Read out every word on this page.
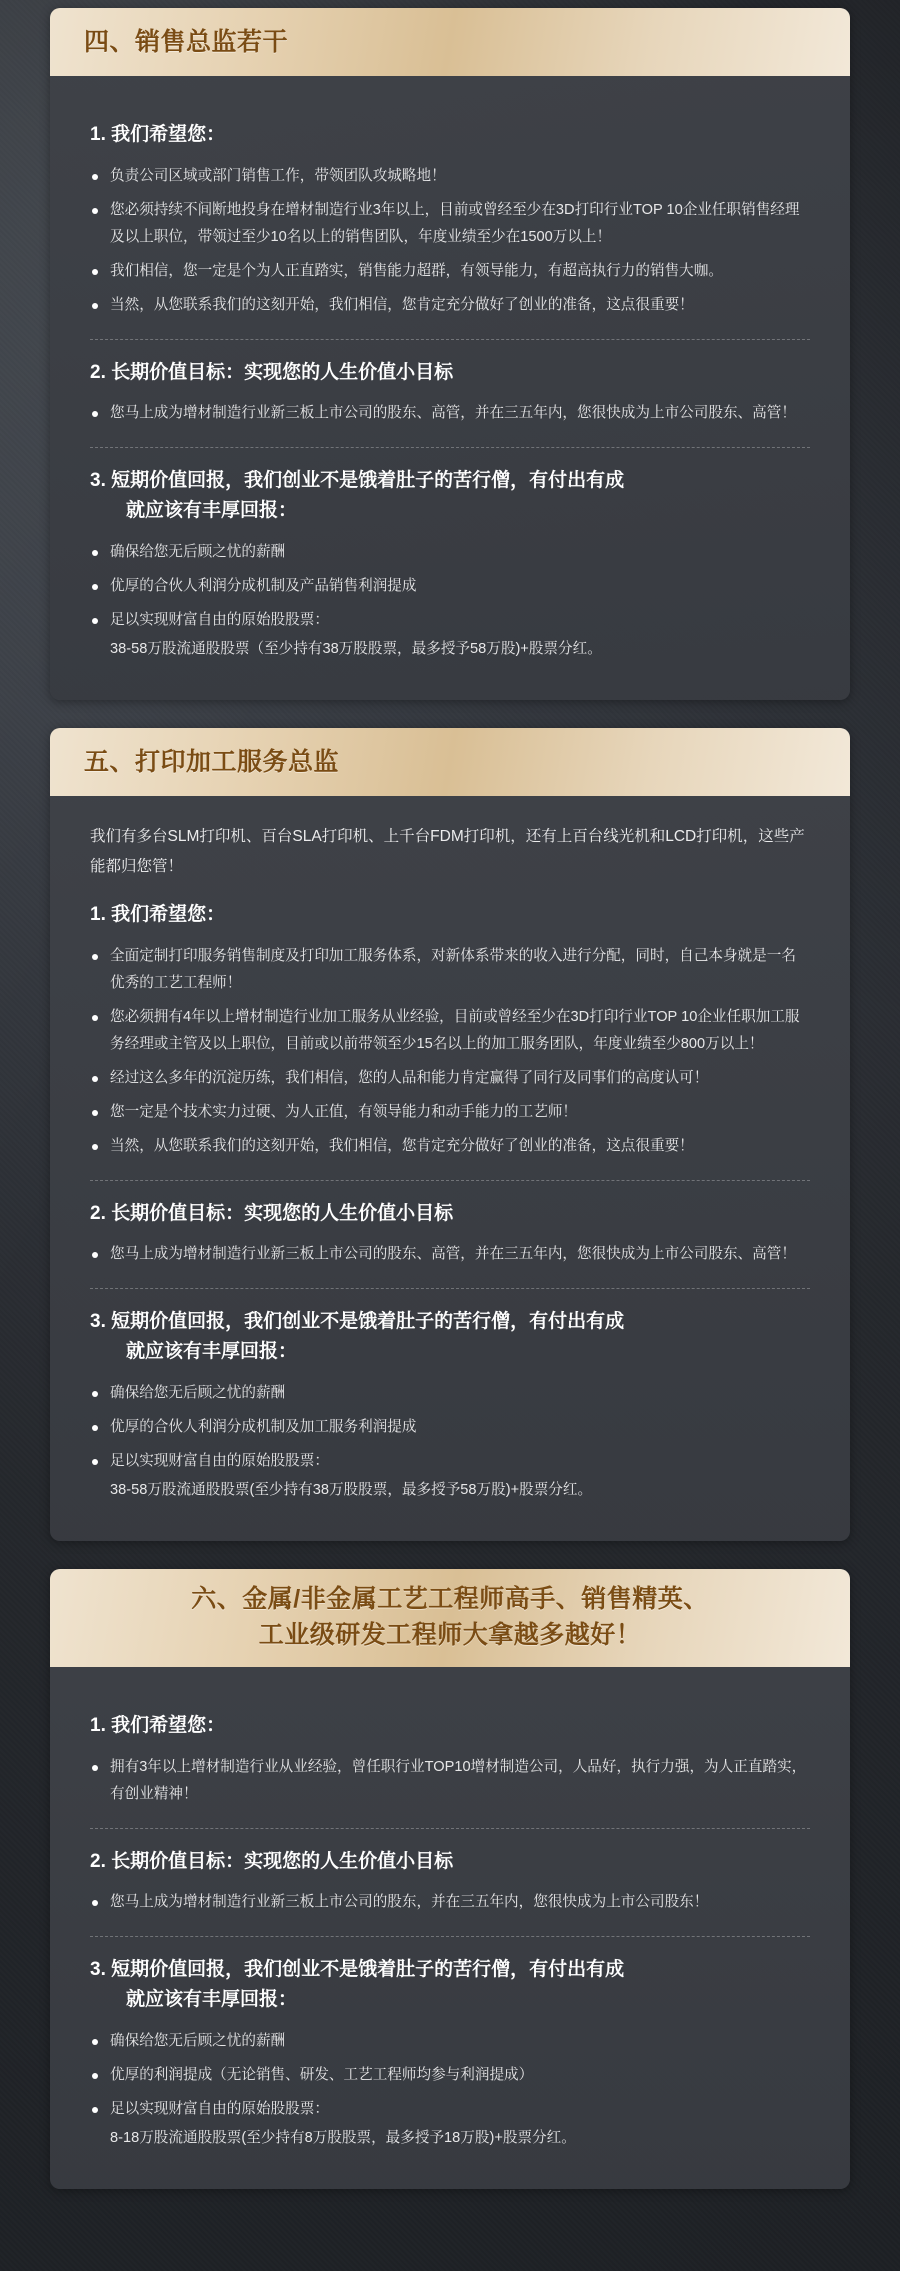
四、销售总监若干
1. 我们希望您：
负责公司区域或部门销售工作，带领团队攻城略地！
您必须持续不间断地投身在增材制造行业3年以上，目前或曾经至少在3D打印行业TOP 10企业任职销售经理及以上职位，带领过至少10名以上的销售团队，年度业绩至少在1500万以上！
我们相信，您一定是个为人正直踏实，销售能力超群，有领导能力，有超高执行力的销售大咖。
当然，从您联系我们的这刻开始，我们相信，您肯定充分做好了创业的准备，这点很重要！
2. 长期价值目标：实现您的人生价值小目标
您马上成为增材制造行业新三板上市公司的股东、高管，并在三五年内，您很快成为上市公司股东、高管！
3. 短期价值回报，我们创业不是饿着肚子的苦行僧，有付出有成
就应该有丰厚回报：
确保给您无后顾之忧的薪酬
优厚的合伙人利润分成机制及产品销售利润提成
足以实现财富自由的原始股股票：
38-58万股流通股股票（至少持有38万股股票，最多授予58万股)+股票分红。
五、打印加工服务总监

我们有多台SLM打印机、百台SLA打印机、上千台FDM打印机，还有上百台线光机和LCD打印机，这些产能都归您管！

1. 我们希望您：
全面定制打印服务销售制度及打印加工服务体系，对新体系带来的收入进行分配，同时，自己本身就是一名优秀的工艺工程师！
您必须拥有4年以上增材制造行业加工服务从业经验，目前或曾经至少在3D打印行业TOP 10企业任职加工服务经理或主管及以上职位，目前或以前带领至少15名以上的加工服务团队，年度业绩至少800万以上！
经过这么多年的沉淀历练，我们相信，您的人品和能力肯定赢得了同行及同事们的高度认可！
您一定是个技术实力过硬、为人正值，有领导能力和动手能力的工艺师！
当然，从您联系我们的这刻开始，我们相信，您肯定充分做好了创业的准备，这点很重要！
2. 长期价值目标：实现您的人生价值小目标
您马上成为增材制造行业新三板上市公司的股东、高管，并在三五年内，您很快成为上市公司股东、高管！
3. 短期价值回报，我们创业不是饿着肚子的苦行僧，有付出有成
就应该有丰厚回报：
确保给您无后顾之忧的薪酬
优厚的合伙人利润分成机制及加工服务利润提成
足以实现财富自由的原始股股票：
38-58万股流通股股票(至少持有38万股股票，最多授予58万股)+股票分红。
六、金属/非金属工艺工程师高手、销售精英、
工业级研发工程师大拿越多越好！
1. 我们希望您：
拥有3年以上增材制造行业从业经验，曾任职行业TOP10增材制造公司，人品好，执行力强，为人正直踏实，有创业精神！
2. 长期价值目标：实现您的人生价值小目标
您马上成为增材制造行业新三板上市公司的股东，并在三五年内，您很快成为上市公司股东！
3. 短期价值回报，我们创业不是饿着肚子的苦行僧，有付出有成
就应该有丰厚回报：
确保给您无后顾之忧的薪酬
优厚的利润提成（无论销售、研发、工艺工程师均参与利润提成）
足以实现财富自由的原始股股票：
8-18万股流通股股票(至少持有8万股股票，最多授予18万股)+股票分红。
